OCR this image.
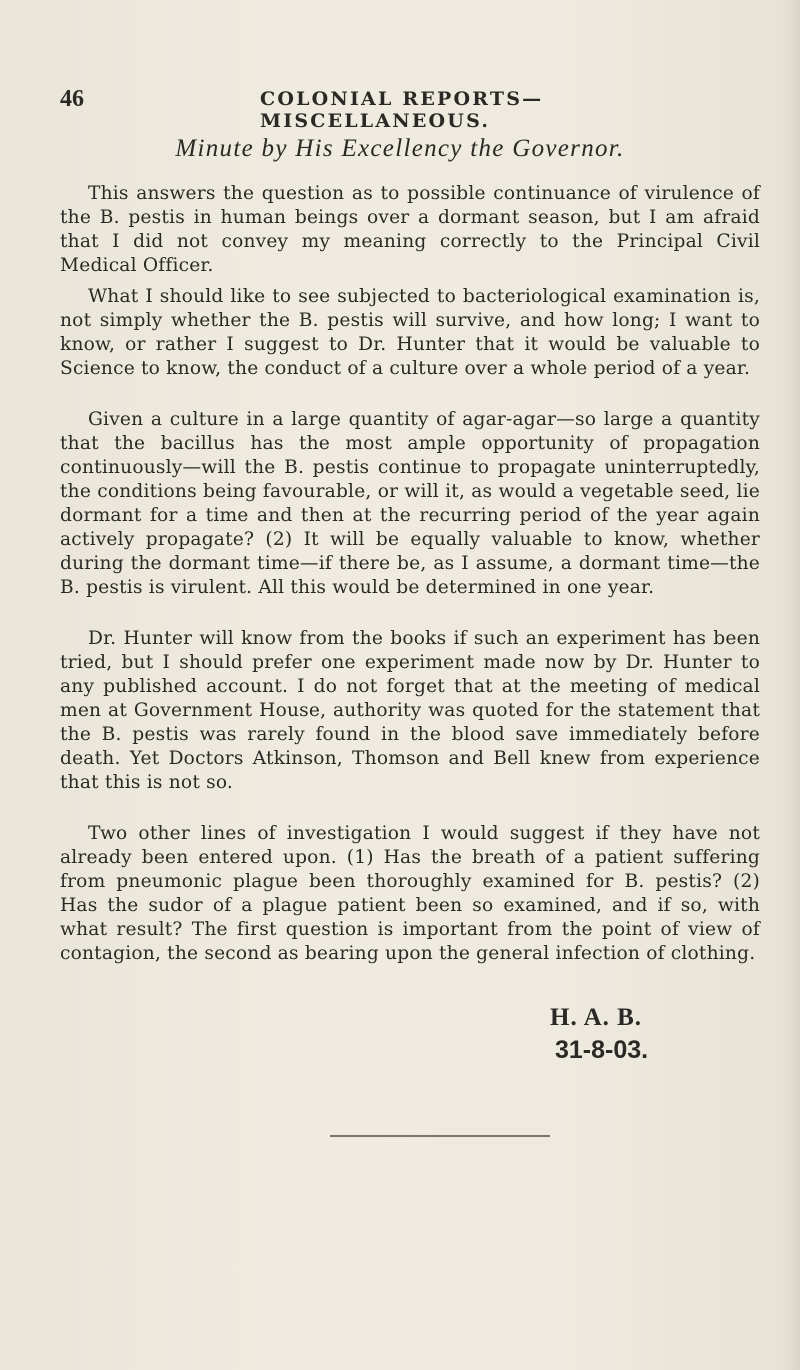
46	COLONIAL REPORTS—MISCELLANEOUS.
Minute by His Excellency the Governor.

This answers the question as to possible continuance of virulence of the B. pestis in human beings over a dormant season, but I am afraid that I did not convey my meaning correctly to the Principal Civil Medical Officer.

What I should like to see subjected to bacteriological examination is, not simply whether the B. pestis will survive, and how long; I want to know, or rather I suggest to Dr. Hunter that it would be valuable to Science to know, the conduct of a culture over a whole period of a year.

Given a culture in a large quantity of agar-agar—so large a quantity that the bacillus has the most ample opportunity of propagation continuously—will the B. pestis continue to propagate uninterruptedly, the conditions being favourable, or will it, as would a vegetable seed, lie dormant for a time and then at the recurring period of the year again actively propagate? (2) It will be equally valuable to know, whether during the dormant time—if there be, as I assume, a dormant time—the B. pestis is virulent. All this would be determined in one year.

Dr. Hunter will know from the books if such an experiment has been tried, but I should prefer one experiment made now by Dr. Hunter to any published account. I do not forget that at the meeting of medical men at Government House, authority was quoted for the statement that the B. pestis was rarely found in the blood save immediately before death. Yet Doctors Atkinson, Thomson and Bell knew from experience that this is not so.

Two other lines of investigation I would suggest if they have not already been entered upon. (1) Has the breath of a patient suffering from pneumonic plague been thoroughly examined for B. pestis? (2) Has the sudor of a plague patient been so examined, and if so, with what result? The first question is important from the point of view of contagion, the second as bearing upon the general infection of clothing.

H. A. B.
31-8-03.
